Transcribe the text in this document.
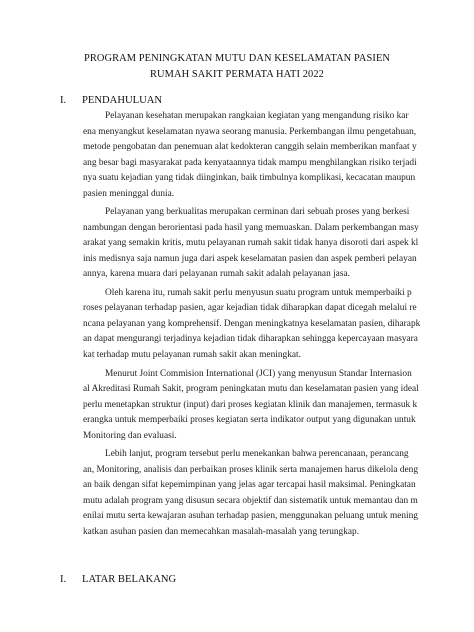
PROGRAM PENINGKATAN MUTU DAN KESELAMATAN PASIEN
RUMAH SAKIT PERMATA HATI 2022
I. PENDAHULUAN
Pelayanan kesehatan merupakan rangkaian kegiatan yang mengandung risiko kar
ena menyangkut keselamatan nyawa seorang manusia. Perkembangan ilmu pengetahuan,
metode pengobatan dan penemuan alat kedokteran canggih selain memberikan manfaat y
ang besar bagi masyarakat pada kenyataannya tidak mampu menghilangkan risiko terjadi
nya suatu kejadian yang tidak diinginkan, baik timbulnya komplikasi, kecacatan maupun
pasien meninggal dunia.
Pelayanan yang berkualitas merupakan cerminan dari sebuah proses yang berkesi
nambungan dengan berorientasi pada hasil yang memuaskan. Dalam perkembangan masy
arakat yang semakin kritis, mutu pelayanan rumah sakit tidak hanya disoroti dari aspek kl
inis medisnya saja namun juga dari aspek keselamatan pasien dan aspek pemberi pelayan
annya, karena muara dari pelayanan rumah sakit adalah pelayanan jasa.
Oleh karena itu, rumah sakit perlu menyusun suatu program untuk memperbaiki p
roses pelayanan terhadap pasien, agar kejadian tidak diharapkan dapat dicegah melalui re
ncana pelayanan yang komprehensif. Dengan meningkatnya keselamatan pasien, diharapk
an dapat mengurangi terjadinya kejadian tidak diharapkan sehingga kepercayaan masyara
kat terhadap mutu pelayanan rumah sakit akan meningkat.
Menurut Joint Commision International (JCI) yang menyusun Standar Internasion
al Akreditasi Rumah Sakit, program peningkatan mutu dan keselamatan pasien yang ideal
perlu menetapkan struktur (input) dari proses kegiatan klinik dan manajemen, termasuk k
erangka untuk memperbaiki proses kegiatan serta indikator output yang digunakan untuk
Monitoring dan evaluasi.
Lebih lanjut, program tersebut perlu menekankan bahwa perencanaan, perancang
an, Monitoring, analisis dan perbaikan proses klinik serta manajemen harus dikelola deng
an baik dengan sifat kepemimpinan yang jelas agar tercapai hasil maksimal. Peningkatan
mutu adalah program yang disusun secara objektif dan sistematik untuk memantau dan m
enilai mutu serta kewajaran asuhan terhadap pasien, menggunakan peluang untuk mening
katkan asuhan pasien dan memecahkan masalah-masalah yang terungkap.
I. LATAR BELAKANG
